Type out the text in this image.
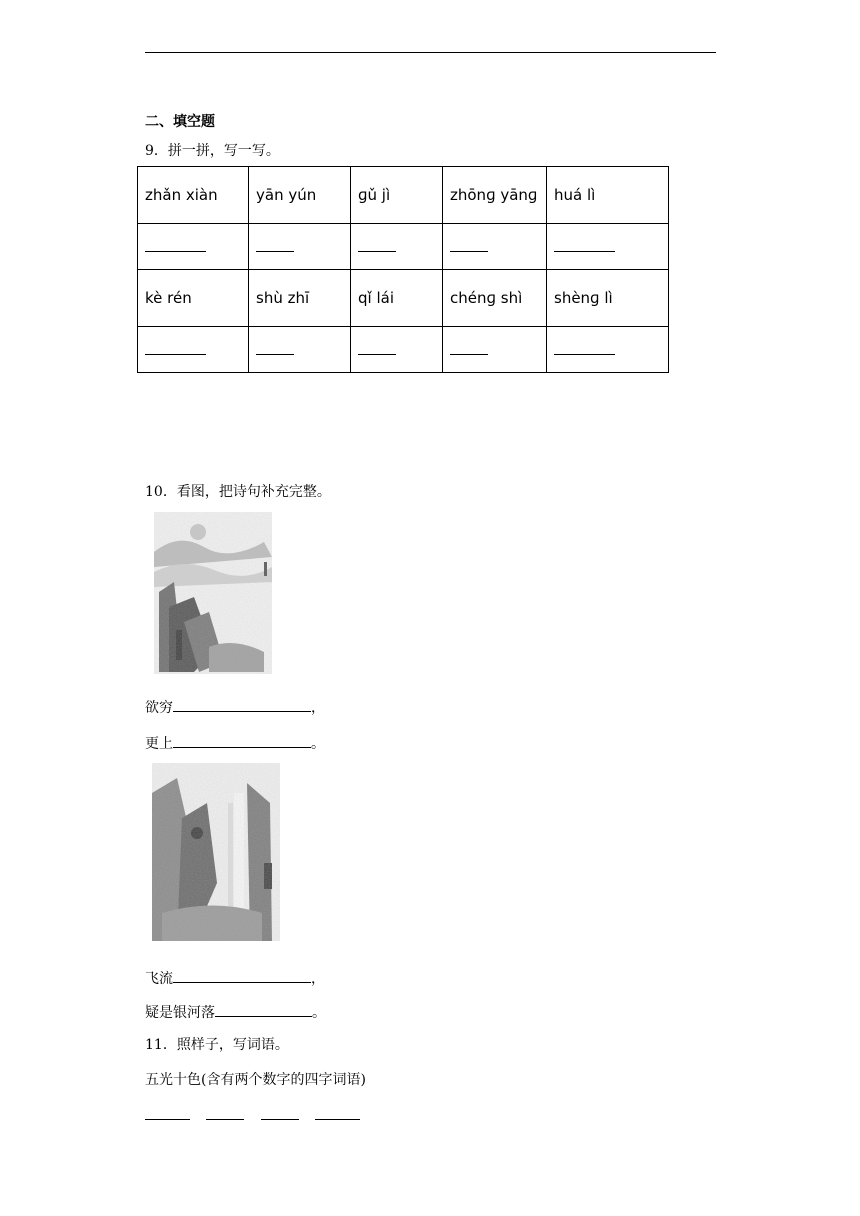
二、填空题
9．拼一拼，写一写。
zhǎn xiàn	yān yún	ɡǔ jì	zhōnɡ yānɡ	huá lì

kè rén	shù zhī	qǐ lái	chénɡ shì	shènɡ lì

10．看图，把诗句补充完整。
欲穷	，
更上	。
飞流	，
疑是银河落	。
11．照样子，写词语。
五光十色(含有两个数字的四字词语)
